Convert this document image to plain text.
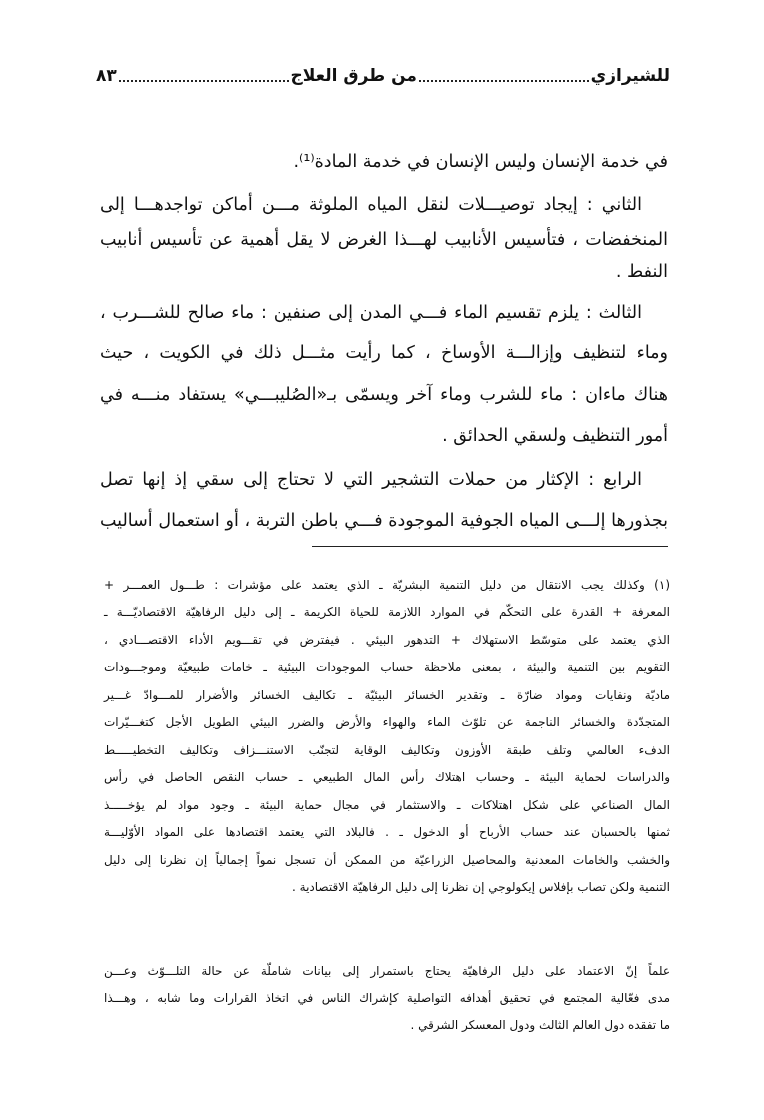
للشيرازي
من طرق العلاج
٨٣
في خدمة الإنسان وليس الإنسان في خدمة المادة⁽¹⁾.
الثاني : إيجاد توصيـــلات لنقل المياه الملوثة مـــن أماكن تواجدهـــا إلى
المنخفضات ، فتأسيس الأنابيب لهـــذا الغرض لا يقل أهمية عن تأسيس أنابيب
النفط .
الثالث : يلزم تقسيم الماء فـــي المدن إلى صنفين : ماء صالح للشـــرب ،
وماء لتنظيف وإزالـــة الأوساخ ، كما رأيت مثـــل ذلك في الكويت ، حيث
هناك ماءان : ماء للشرب وماء آخر ويسمّى بـ«الصُليبـــي» يستفاد منـــه في
أمور التنظيف ولسقي الحدائق .
الرابع : الإكثار من حملات التشجير التي لا تحتاج إلى سقي إذ إنها تصل
بجذورها إلـــى المياه الجوفية الموجودة فـــي باطن التربة ، أو استعمال أساليب
(١) وكذلك يجب الانتقال من دليل التنمية البشريّة ـ الذي يعتمد على مؤشرات : طـــول العمـــر +
المعرفة + القدرة على التحكّم في الموارد اللازمة للحياة الكريمة ـ إلى دليل الرفاهيّة الاقتصاديّـــة ـ
الذي يعتمد على متوسّط الاستهلاك + التدهور البيئي . فيفترض في تقـــويم الأداء الاقتصـــادي ،
التقويم بين التنمية والبيئة ، بمعنى ملاحظة حساب الموجودات البيئية ـ خامات طبيعيّة وموجـــودات
ماديّة ونفايات ومواد ضارّة ـ وتقدير الخسائر البيئيّة ـ تكاليف الخسائر والأضرار للمـــوادّ غـــير
المتجدّدة والخسائر الناجمة عن تلوّث الماء والهواء والأرض والضرر البيئي الطويل الأجل كتغـــيّرات
الدفء العالمي وتلف طبقة الأوزون وتكاليف الوقاية لتجنّب الاستنـــزاف وتكاليف التخطيـــــط
والدراسات لحماية البيئة ـ وحساب اهتلاك رأس المال الطبيعي ـ حساب النقص الحاصل في رأس
المال الصناعي على شكل اهتلاكات ـ والاستثمار في مجال حماية البيئة ـ وجود مواد لم يؤخـــــذ
ثمنها بالحسبان عند حساب الأرباح أو الدخول ـ . فالبلاد التي يعتمد اقتصادها على المواد الأوّليـــة
والخشب والخامات المعدنية والمحاصيل الزراعيّة من الممكن أن تسجل نمواً إجمالياً إن نظرنا إلى دليل
التنمية ولكن تصاب بإفلاس إيكولوجي إن نظرنا إلى دليل الرفاهيّة الاقتصادية .
علماً إنّ الاعتماد على دليل الرفاهيّة يحتاج باستمرار إلى بيانات شاملّة عن حالة التلـــوّث وعـــن
مدى فعّالية المجتمع في تحقيق أهدافه التواصلية كإشراك الناس في اتخاذ القرارات وما شابه ، وهـــذا
ما تفقده دول العالم الثالث ودول المعسكر الشرقي .
